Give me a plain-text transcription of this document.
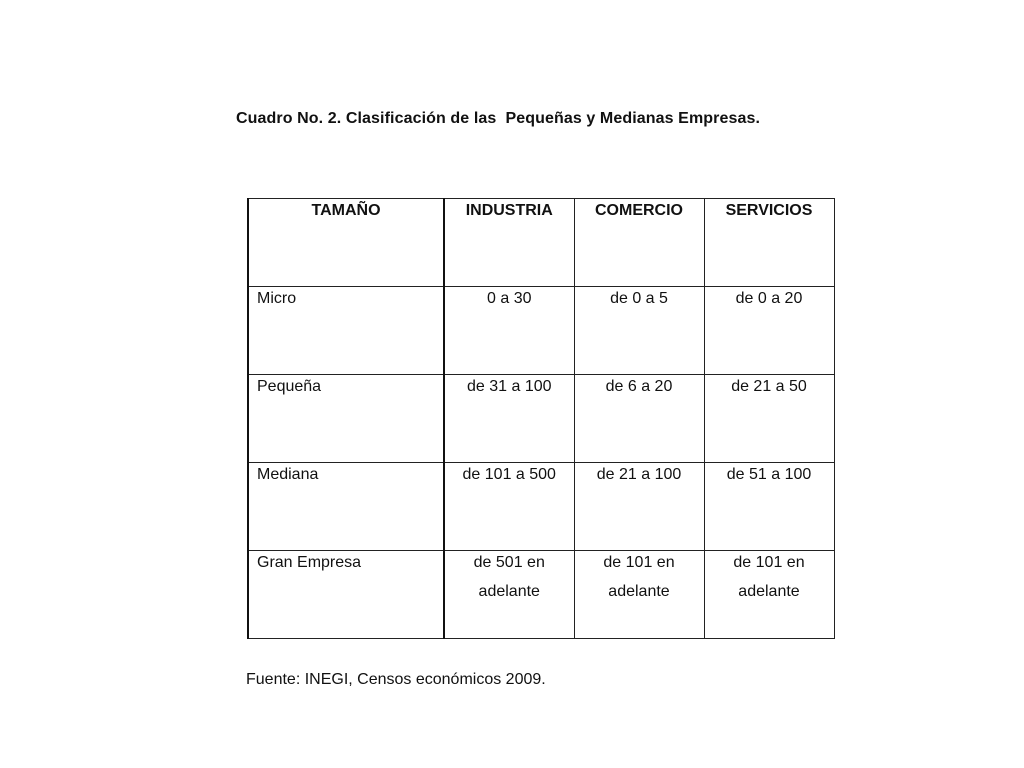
Cuadro No. 2. Clasificación de las  Pequeñas y Medianas Empresas.
TAMAÑO	INDUSTRIA	COMERCIO	SERVICIOS

Micro	0 a 30	de 0 a 5	de 0 a 20

Pequeña	de 31 a 100	de 6 a 20	de 21 a 50

Mediana	de 101 a 500	de 21 a 100	de 51 a 100

Gran Empresa	de 501 en adelante	de 101 en adelante	de 101 en adelante
Fuente: INEGI, Censos económicos 2009.
